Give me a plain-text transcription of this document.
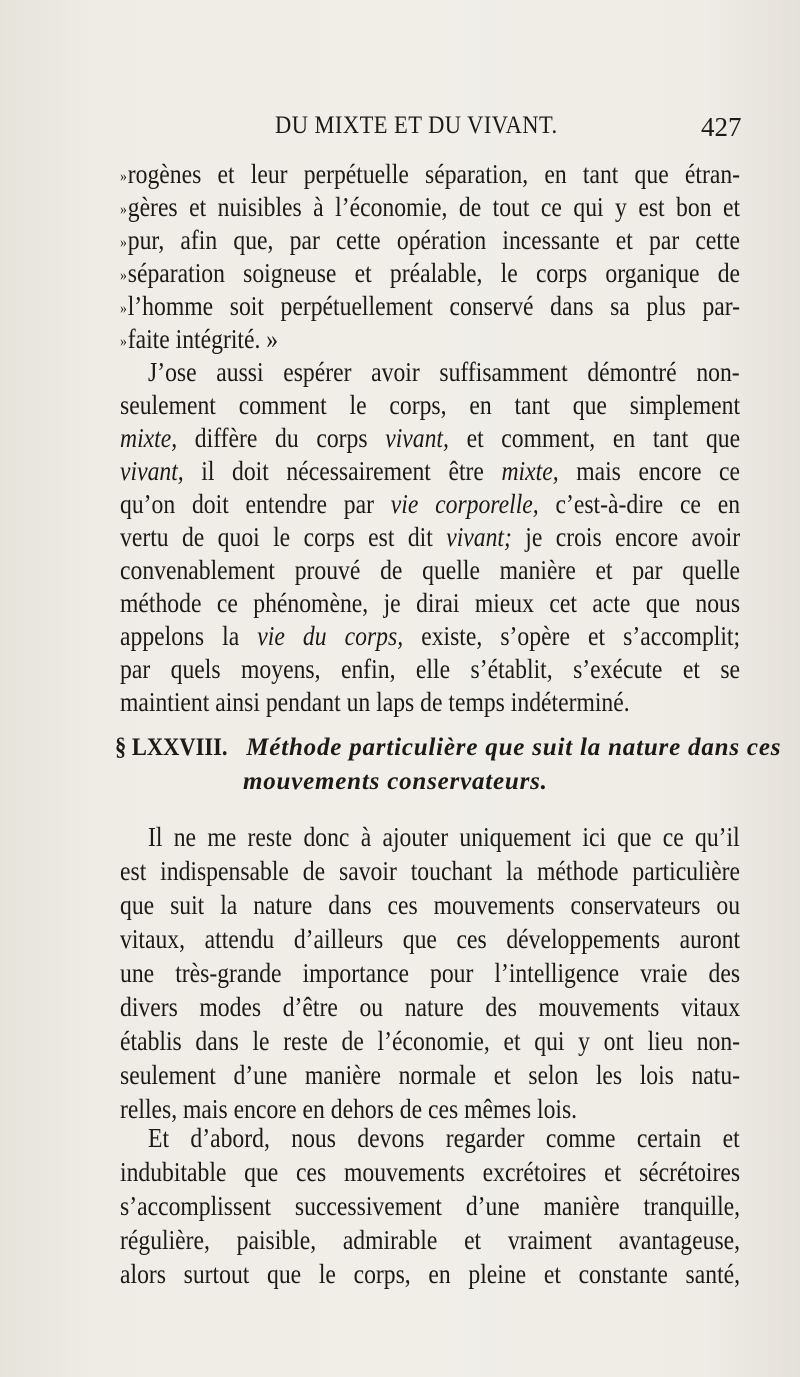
DU MIXTE ET DU VIVANT.	427
»rogènes et leur perpétuelle séparation, en tant que étran-
»gères et nuisibles à l’économie, de tout ce qui y est bon et
»pur, afin que, par cette opération incessante et par cette
»séparation soigneuse et préalable, le corps organique de
»l’homme soit perpétuellement conservé dans sa plus par-
»faite intégrité. »
J’ose aussi espérer avoir suffisamment démontré non-
seulement comment le corps, en tant que simplement
mixte, diffère du corps vivant, et comment, en tant que
vivant, il doit nécessairement être mixte, mais encore ce
qu’on doit entendre par vie corporelle, c’est-à-dire ce en
vertu de quoi le corps est dit vivant; je crois encore avoir
convenablement prouvé de quelle manière et par quelle
méthode ce phénomène, je dirai mieux cet acte que nous
appelons la vie du corps, existe, s’opère et s’accomplit;
par quels moyens, enfin, elle s’établit, s’exécute et se
maintient ainsi pendant un laps de temps indéterminé.
§ LXXVIII. Méthode particulière que suit la nature dans ces
mouvements conservateurs.
Il ne me reste donc à ajouter uniquement ici que ce qu’il
est indispensable de savoir touchant la méthode particulière
que suit la nature dans ces mouvements conservateurs ou
vitaux, attendu d’ailleurs que ces développements auront
une très-grande importance pour l’intelligence vraie des
divers modes d’être ou nature des mouvements vitaux
établis dans le reste de l’économie, et qui y ont lieu non-
seulement d’une manière normale et selon les lois natu-
relles, mais encore en dehors de ces mêmes lois.
Et d’abord, nous devons regarder comme certain et
indubitable que ces mouvements excrétoires et sécrétoires
s’accomplissent successivement d’une manière tranquille,
régulière, paisible, admirable et vraiment avantageuse,
alors surtout que le corps, en pleine et constante santé,
